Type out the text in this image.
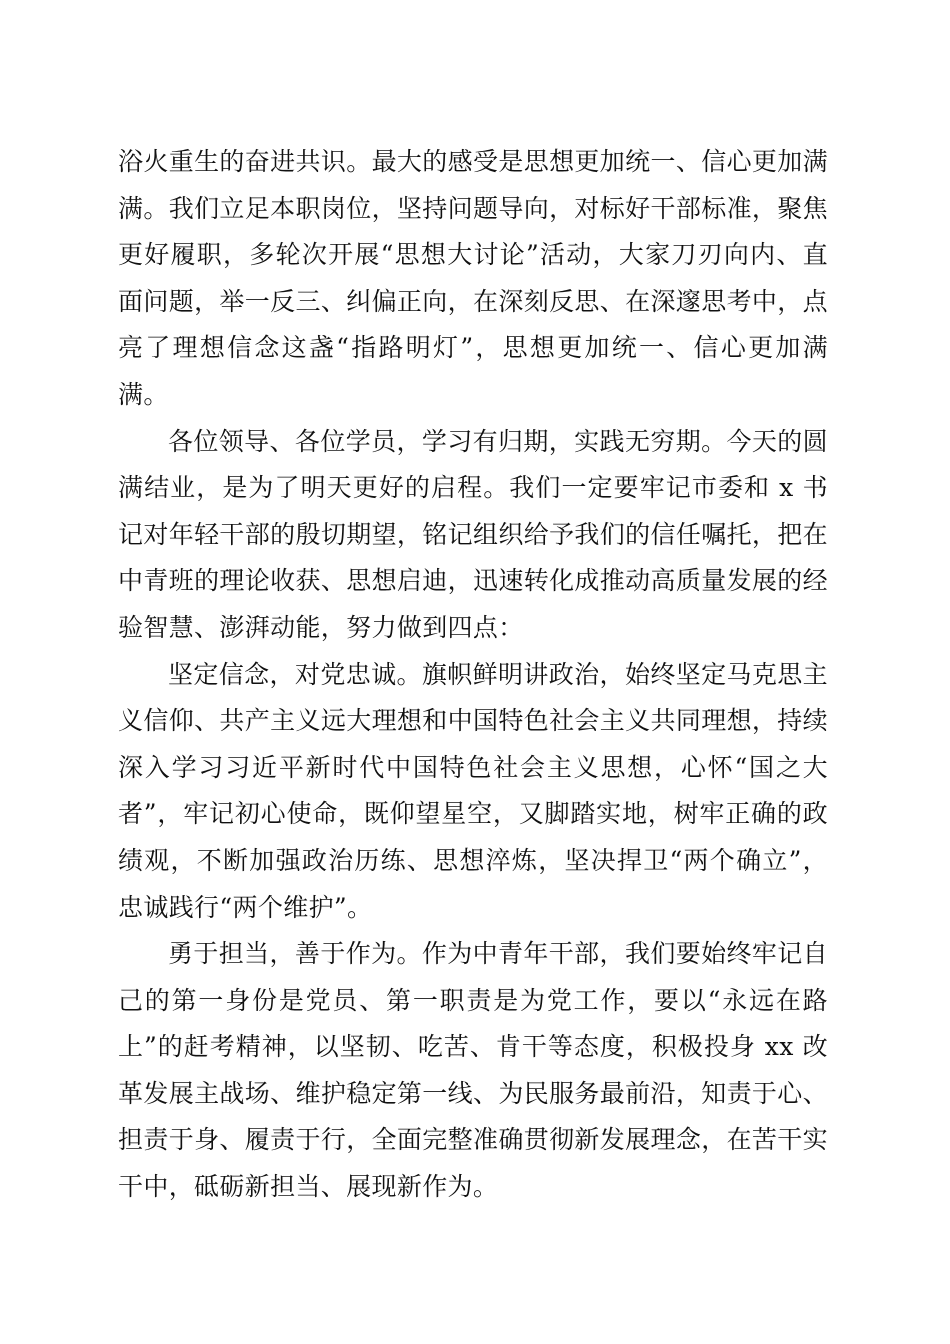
浴火重生的奋进共识。最大的感受是思想更加统一、信心更加满满。我们立足本职岗位，坚持问题导向，对标好干部标准，聚焦更好履职，多轮次开展“思想大讨论”活动，大家刀刃向内、直面问题，举一反三、纠偏正向，在深刻反思、在深邃思考中，点亮了理想信念这盏“指路明灯”，思想更加统一、信心更加满满。

各位领导、各位学员，学习有归期，实践无穷期。今天的圆满结业，是为了明天更好的启程。我们一定要牢记市委和 x 书记对年轻干部的殷切期望，铭记组织给予我们的信任嘱托，把在中青班的理论收获、思想启迪，迅速转化成推动高质量发展的经验智慧、澎湃动能，努力做到四点：

坚定信念，对党忠诚。旗帜鲜明讲政治，始终坚定马克思主义信仰、共产主义远大理想和中国特色社会主义共同理想，持续深入学习习近平新时代中国特色社会主义思想，心怀“国之大者”，牢记初心使命，既仰望星空，又脚踏实地，树牢正确的政绩观，不断加强政治历练、思想淬炼，坚决捍卫“两个确立”，忠诚践行“两个维护”。

勇于担当，善于作为。作为中青年干部，我们要始终牢记自己的第一身份是党员、第一职责是为党工作，要以“永远在路上”的赶考精神，以坚韧、吃苦、肯干等态度，积极投身 xx 改革发展主战场、维护稳定第一线、为民服务最前沿，知责于心、担责于身、履责于行，全面完整准确贯彻新发展理念，在苦干实干中，砥砺新担当、展现新作为。
